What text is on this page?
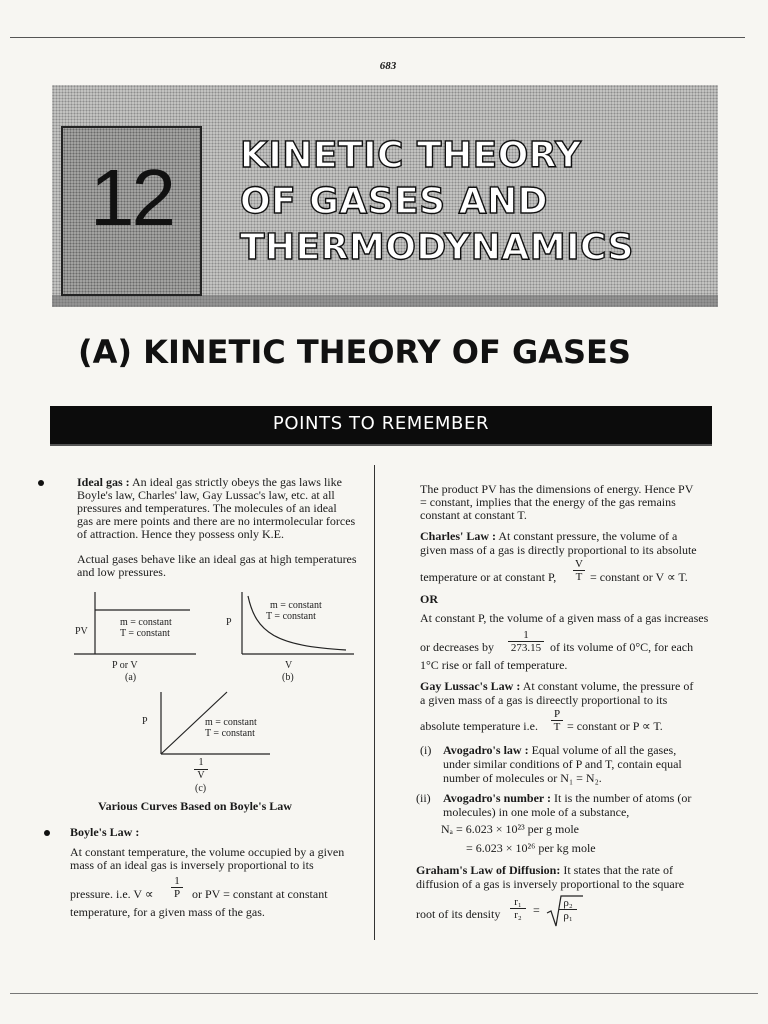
683
12	KINETIC THEORY
OF GASES AND
THERMODYNAMICS
(A) KINETIC THEORY OF GASES
POINTS TO REMEMBER
Ideal gas : An ideal gas strictly obeys the gas laws like
Boyle's law, Charles' law, Gay Lussac's law, etc. at all
pressures and temperatures. The molecules of an ideal
gas are mere points and there are no intermolecular forces
of attraction. Hence they possess only K.E.
Actual gases behave like an ideal gas at high temperatures
and low pressures.
PV
m = constant
T = constant
P or V
(a)
P
m = constant
T = constant
V
(b)
P	m = constant
T = constant
$\frac{1}{V}$
(c)
Various Curves Based on Boyle's Law
Boyle's Law :
At constant temperature, the volume occupied by a given
mass of an ideal gas is inversely proportional to its
pressure. i.e. $V \propto \frac{1}{P}$ or PV = constant at constant
temperature, for a given mass of the gas.
The product PV has the dimensions of energy. Hence PV
= constant, implies that the energy of the gas remains
constant at constant T.
Charles' Law : At constant pressure, the volume of a
given mass of a gas is directly proportional to its absolute
temperature or at constant P, $\frac{V}{T}$ = constant or V ∝ T.
OR
At constant P, the volume of a given mass of a gas increases
or decreases by $\frac{1}{273.15}$ of its volume of 0°C, for each
1°C rise or fall of temperature.
Gay Lussac's Law : At constant volume, the pressure of
a given mass of a gas is direectly proportional to its
absolute temperature i.e. $\frac{P}{T}$ = constant or P ∝ T.
(i) Avogadro's law : Equal volume of all the gases,
under similar conditions of P and T, contain equal
number of molecules or N₁ = N₂.
(ii) Avogadro's number : It is the number of atoms (or
molecules) in one mole of a substance,
Nₐ = 6.023 × 10²³ per g mole
= 6.023 × 10²⁶ per kg mole
Graham's Law of Diffusion: It states that the rate of
diffusion of a gas is inversely proportional to the square
root of its density $\frac{\text{r₁}}{\text{r₂}} = \frac{\text{ρ₂}}{\text{ρ₁}}$
